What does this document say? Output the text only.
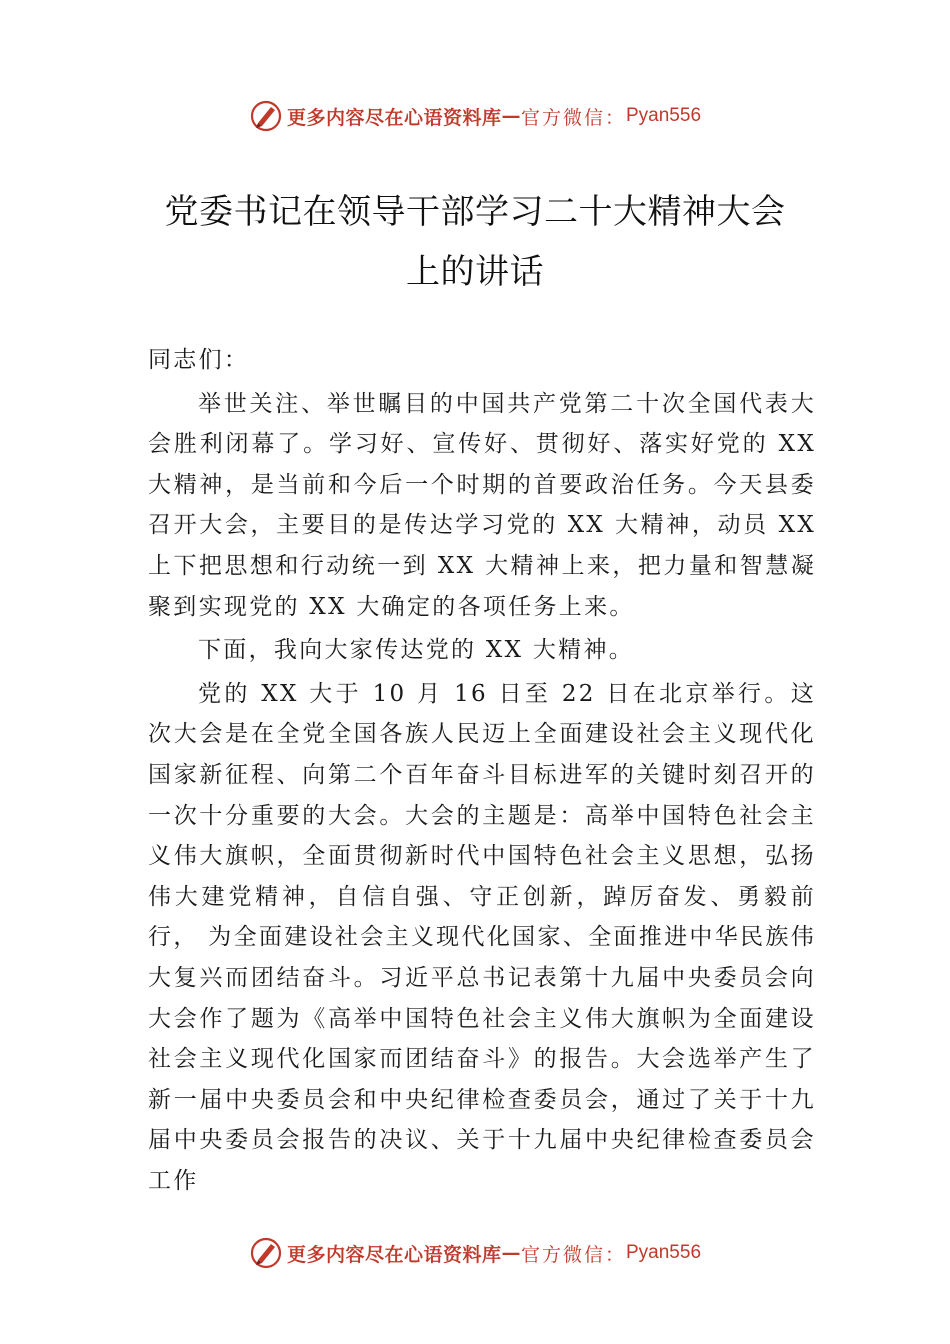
更多内容尽在心语资料库 — 官方微信： Pyan556
党委书记在领导干部学习二十大精神大会
上的讲话

同志们：

举世关注、举世瞩目的中国共产党第二十次全国代表大会胜利闭幕了。学习好、宣传好、贯彻好、落实好党的 XX 大精神，是当前和今后一个时期的首要政治任务。今天县委召开大会，主要目的是传达学习党的 XX 大精神，动员 XX 上下把思想和行动统一到 XX 大精神上来，把力量和智慧凝聚到实现党的 XX 大确定的各项任务上来。

下面，我向大家传达党的 XX 大精神。

党的 XX 大于 10 月 16 日至 22 日在北京举行。这次大会是在全党全国各族人民迈上全面建设社会主义现代化国家新征程、向第二个百年奋斗目标进军的关键时刻召开的一次十分重要的大会。大会的主题是：高举中国特色社会主义伟大旗帜，全面贯彻新时代中国特色社会主义思想，弘扬伟大建党精神，自信自强、守正创新，踔厉奋发、勇毅前行， 为全面建设社会主义现代化国家、全面推进中华民族伟大复兴而团结奋斗。习近平总书记表第十九届中央委员会向大会作了题为《高举中国特色社会主义伟大旗帜为全面建设社会主义现代化国家而团结奋斗》的报告。大会选举产生了新一届中央委员会和中央纪律检查委员会，通过了关于十九届中央委员会报告的决议、关于十九届中央纪律检查委员会工作

更多内容尽在心语资料库 — 官方微信： Pyan556
